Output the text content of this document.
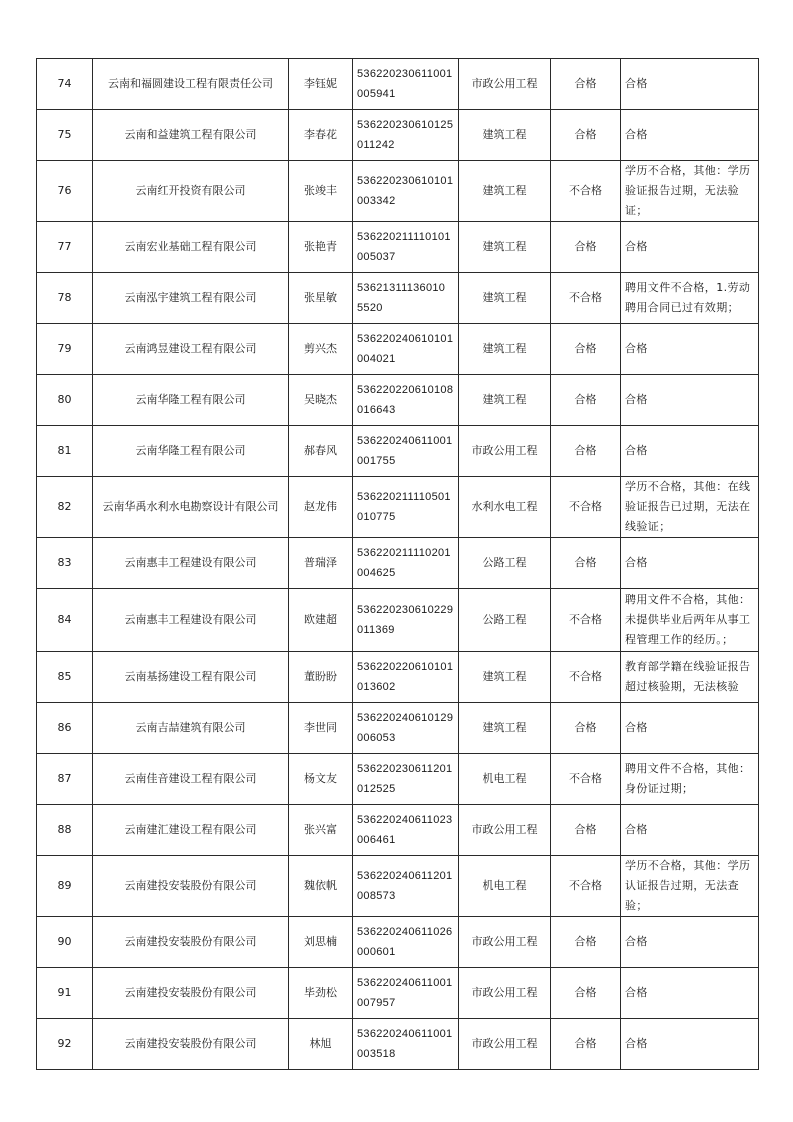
74	云南和福圆建设工程有限责任公司	李钰妮	536220230611001005941	市政公用工程	合格	合格
75	云南和益建筑工程有限公司	李春花	536220230610125011242	建筑工程	合格	合格
76	云南红开投资有限公司	张竣丰	536220230610101003342	建筑工程	不合格	学历不合格，其他：学历验证报告过期，无法验证；
77	云南宏业基础工程有限公司	张艳青	536220211110101005037	建筑工程	合格	合格
78	云南泓宇建筑工程有限公司	张星敏	53621311136010 5520	建筑工程	不合格	聘用文件不合格，1.劳动聘用合同已过有效期；
79	云南鸿昱建设工程有限公司	剪兴杰	536220240610101004021	建筑工程	合格	合格
80	云南华隆工程有限公司	吴晓杰	536220220610108016643	建筑工程	合格	合格
81	云南华隆工程有限公司	郝春风	536220240611001001755	市政公用工程	合格	合格
82	云南华禹水利水电勘察设计有限公司	赵龙伟	536220211110501010775	水利水电工程	不合格	学历不合格，其他：在线验证报告已过期，无法在线验证；
83	云南惠丰工程建设有限公司	普瑞泽	536220211110201004625	公路工程	合格	合格
84	云南惠丰工程建设有限公司	欧建超	536220230610229011369	公路工程	不合格	聘用文件不合格，其他：未提供毕业后两年从事工程管理工作的经历。；
85	云南基扬建设工程有限公司	董盼盼	536220220610101013602	建筑工程	不合格	教育部学籍在线验证报告超过核验期，无法核验
86	云南吉喆建筑有限公司	李世同	536220240610129006053	建筑工程	合格	合格
87	云南佳音建设工程有限公司	杨文友	536220230611201012525	机电工程	不合格	聘用文件不合格，其他：身份证过期；
88	云南建汇建设工程有限公司	张兴富	536220240611023006461	市政公用工程	合格	合格
89	云南建投安装股份有限公司	魏依帆	536220240611201008573	机电工程	不合格	学历不合格，其他：学历认证报告过期，无法查验；
90	云南建投安装股份有限公司	刘思楠	536220240611026000601	市政公用工程	合格	合格
91	云南建投安装股份有限公司	毕劲松	536220240611001007957	市政公用工程	合格	合格
92	云南建投安装股份有限公司	林旭	536220240611001003518	市政公用工程	合格	合格
